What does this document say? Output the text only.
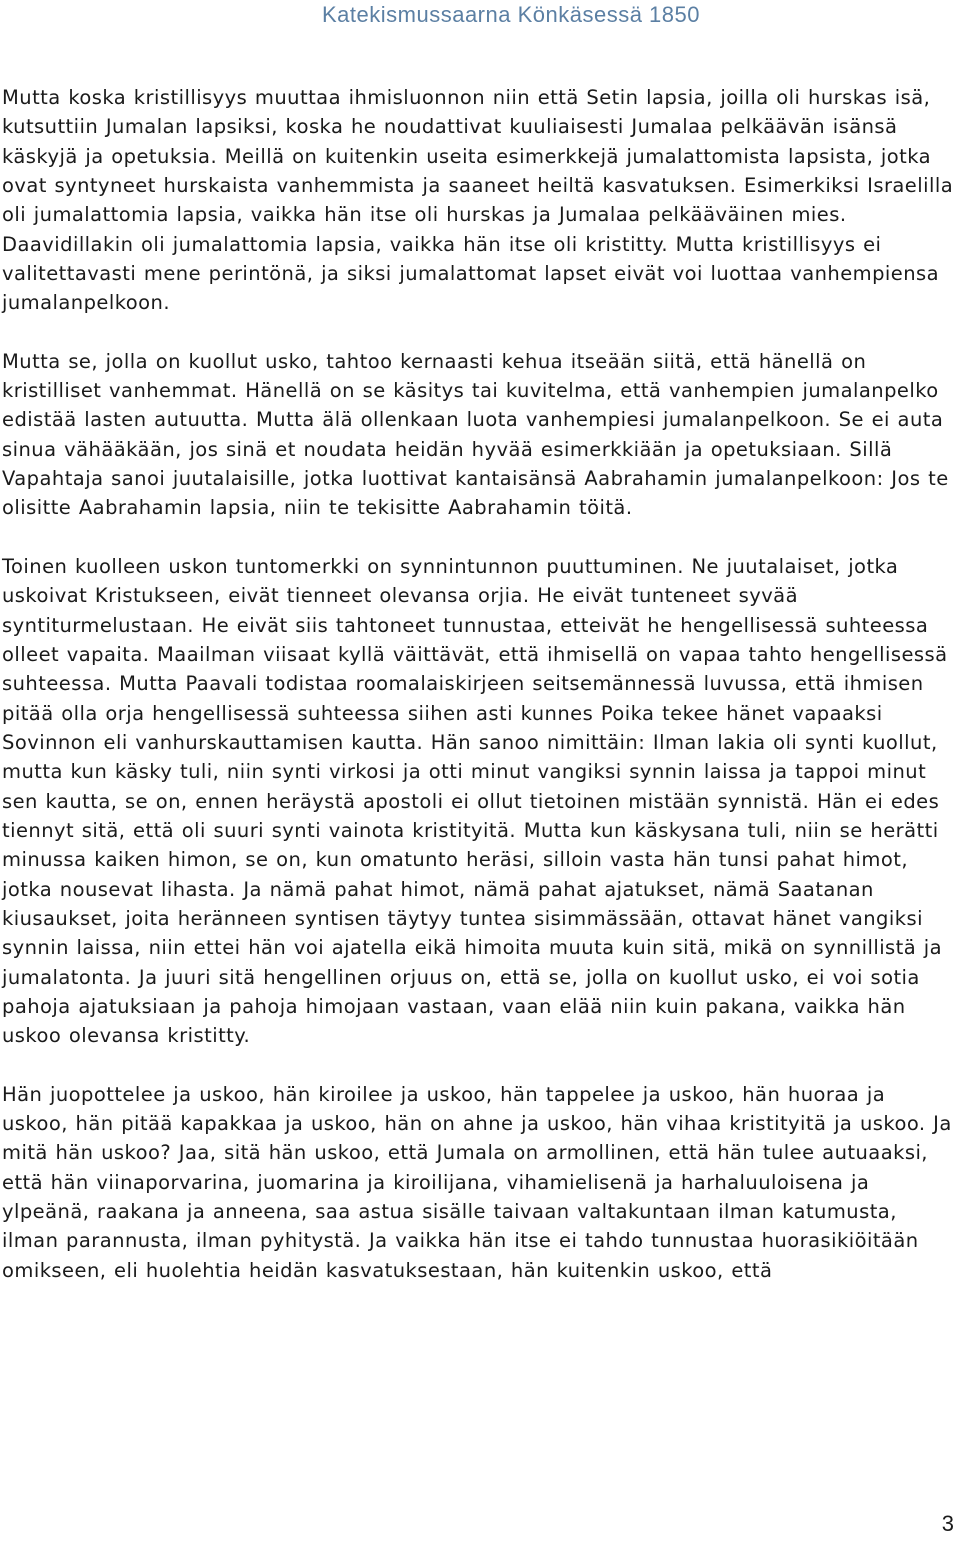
Katekismussaarna Könkäsessä 1850

Mutta koska kristillisyys muuttaa ihmisluonnon niin että Setin lapsia, joilla oli hurskas isä, kutsuttiin Jumalan lapsiksi, koska he noudattivat kuuliaisesti Jumalaa pelkäävän isänsä käskyjä ja opetuksia. Meillä on kuitenkin useita esimerkkejä jumalattomista lapsista, jotka ovat syntyneet hurskaista vanhemmista ja saaneet heiltä kasvatuksen. Esimerkiksi Israelilla oli jumalattomia lapsia, vaikka hän itse oli hurskas ja Jumalaa pelkääväinen mies. Daavidillakin oli jumalattomia lapsia, vaikka hän itse oli kristitty. Mutta kristillisyys ei valitettavasti mene perintönä, ja siksi jumalattomat lapset eivät voi luottaa vanhempiensa jumalanpelkoon.

Mutta se, jolla on kuollut usko, tahtoo kernaasti kehua itseään siitä, että hänellä on kristilliset vanhemmat. Hänellä on se käsitys tai kuvitelma, että vanhempien jumalanpelko edistää lasten autuutta. Mutta älä ollenkaan luota vanhempiesi jumalanpelkoon. Se ei auta sinua vähääkään, jos sinä et noudata heidän hyvää esimerkkiään ja opetuksiaan. Sillä Vapahtaja sanoi juutalaisille, jotka luottivat kantaisänsä Aabrahamin jumalanpelkoon: Jos te olisitte Aabrahamin lapsia, niin te tekisitte Aabrahamin töitä.

Toinen kuolleen uskon tuntomerkki on synnintunnon puuttuminen. Ne juutalaiset, jotka uskoivat Kristukseen, eivät tienneet olevansa orjia. He eivät tunteneet syvää syntiturmelustaan. He eivät siis tahtoneet tunnustaa, etteivät he hengellisessä suhteessa olleet vapaita. Maailman viisaat kyllä väittävät, että ihmisellä on vapaa tahto hengellisessä suhteessa. Mutta Paavali todistaa roomalaiskirjeen seitsemännessä luvussa, että ihmisen pitää olla orja hengellisessä suhteessa siihen asti kunnes Poika tekee hänet vapaaksi Sovinnon eli vanhurskauttamisen kautta. Hän sanoo nimittäin: Ilman lakia oli synti kuollut, mutta kun käsky tuli, niin synti virkosi ja otti minut vangiksi synnin laissa ja tappoi minut sen kautta, se on, ennen heräystä apostoli ei ollut tietoinen mistään synnistä. Hän ei edes tiennyt sitä, että oli suuri synti vainota kristityitä. Mutta kun käskysana tuli, niin se herätti minussa kaiken himon, se on, kun omatunto heräsi, silloin vasta hän tunsi pahat himot, jotka nousevat lihasta. Ja nämä pahat himot, nämä pahat ajatukset, nämä Saatanan kiusaukset, joita heränneen syntisen täytyy tuntea sisimmässään, ottavat hänet vangiksi synnin laissa, niin ettei hän voi ajatella eikä himoita muuta kuin sitä, mikä on synnillistä ja jumalatonta. Ja juuri sitä hengellinen orjuus on, että se, jolla on kuollut usko, ei voi sotia pahoja ajatuksiaan ja pahoja himojaan vastaan, vaan elää niin kuin pakana, vaikka hän uskoo olevansa kristitty.

Hän juopottelee ja uskoo, hän kiroilee ja uskoo, hän tappelee ja uskoo, hän huoraa ja uskoo, hän pitää kapakkaa ja uskoo, hän on ahne ja uskoo, hän vihaa kristityitä ja uskoo. Ja mitä hän uskoo? Jaa, sitä hän uskoo, että Jumala on armollinen, että hän tulee autuaaksi, että hän viinaporvarina, juomarina ja kiroilijana, vihamielisenä ja harhaluuloisena ja ylpeänä, raakana ja anneena, saa astua sisälle taivaan valtakuntaan ilman katumusta, ilman parannusta, ilman pyhitystä. Ja vaikka hän itse ei tahdo tunnustaa huorasikiöitään omikseen, eli huolehtia heidän kasvatuksestaan, hän kuitenkin uskoo, että

3
